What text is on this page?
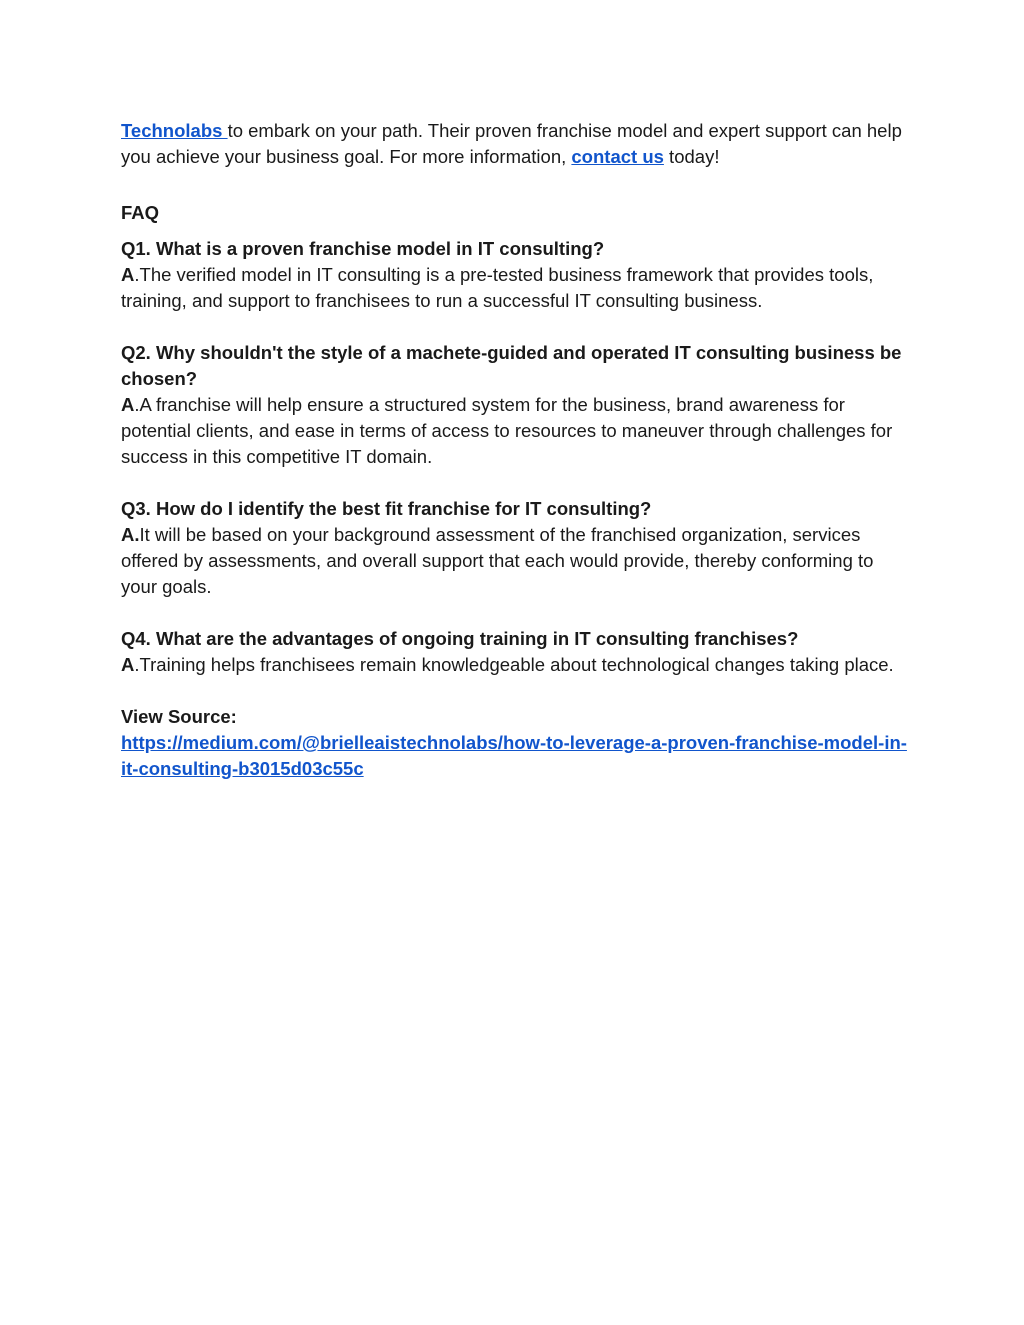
Technolabs to embark on your path. Their proven franchise model and expert support can help you achieve your business goal. For more information, contact us today!

FAQ

Q1. What is a proven franchise model in IT consulting?

A.The verified model in IT consulting is a pre-tested business framework that provides tools, training, and support to franchisees to run a successful IT consulting business.

Q2. Why shouldn't the style of a machete-guided and operated IT consulting business be chosen?

A.A franchise will help ensure a structured system for the business, brand awareness for potential clients, and ease in terms of access to resources to maneuver through challenges for success in this competitive IT domain.

Q3. How do I identify the best fit franchise for IT consulting?

A.It will be based on your background assessment of the franchised organization, services offered by assessments, and overall support that each would provide, thereby conforming to your goals.

Q4. What are the advantages of ongoing training in IT consulting franchises?

A.Training helps franchisees remain knowledgeable about technological changes taking place.

View Source:

https://medium.com/@brielleaistechnolabs/how-to-leverage-a-proven-franchise-model-in-it-consulting-b3015d03c55c
